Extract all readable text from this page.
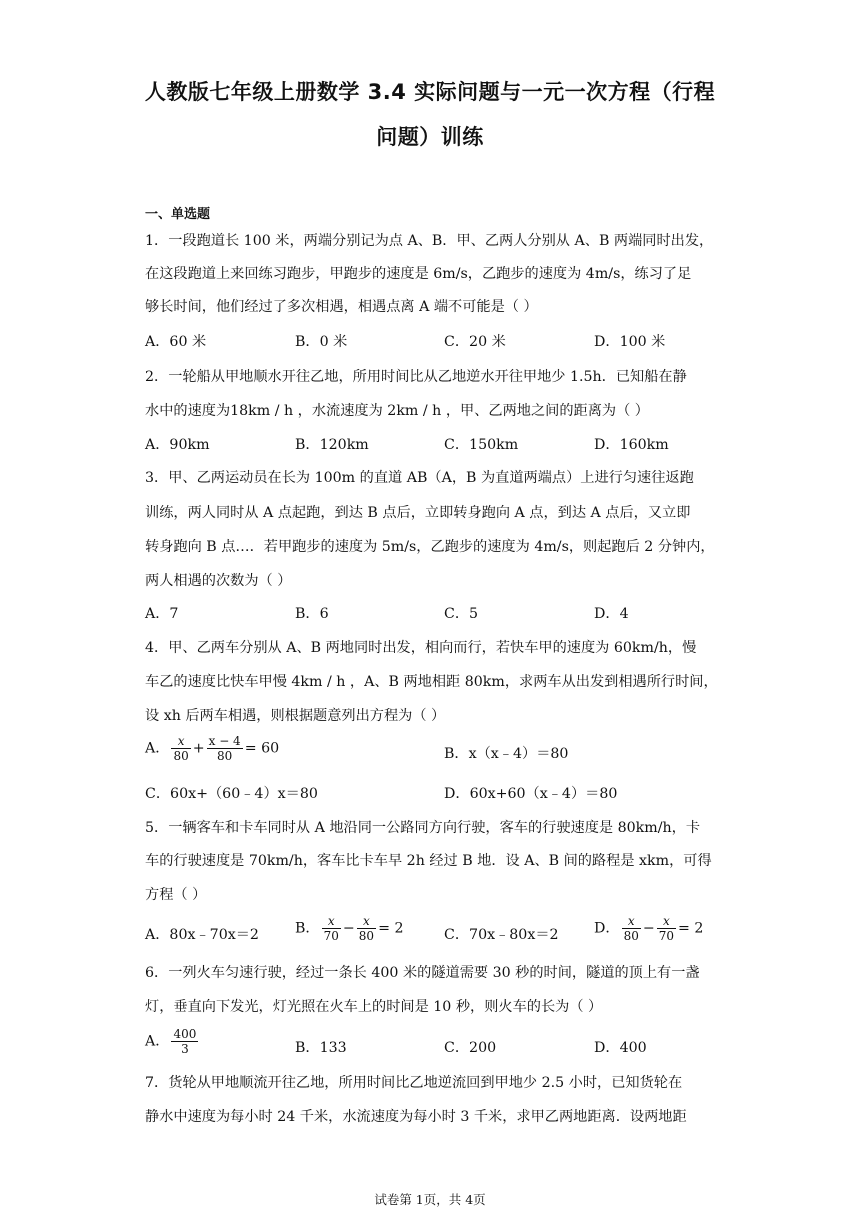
人教版七年级上册数学 3.4 实际问题与一元一次方程（行程
问题）训练
一、单选题
1．一段跑道长 100 米，两端分别记为点 A、B．甲、乙两人分别从 A、B 两端同时出发，
在这段跑道上来回练习跑步，甲跑步的速度是 6m/s，乙跑步的速度为 4m/s，练习了足
够长时间，他们经过了多次相遇，相遇点离 A 端不可能是（ ）
A．60 米	B．0 米	C．20 米	D．100 米
2．一轮船从甲地顺水开往乙地，所用时间比从乙地逆水开往甲地少 1.5h．已知船在静
水中的速度为18km / h ，水流速度为 2km / h ，甲、乙两地之间的距离为（ ）
A．90km	B．120km	C．150km	D．160km
3．甲、乙两运动员在长为 100m 的直道 AB（A，B 为直道两端点）上进行匀速往返跑
训练，两人同时从 A 点起跑，到达 B 点后，立即转身跑向 A 点，到达 A 点后，又立即
转身跑向 B 点…．若甲跑步的速度为 5m/s，乙跑步的速度为 4m/s，则起跑后 2 分钟内，
两人相遇的次数为（ ）
A．7	B．6	C．5	D．4
4．甲、乙两车分别从 A、B 两地同时出发，相向而行，若快车甲的速度为 60km/h，慢
车乙的速度比快车甲慢 4km / h ，A、B 两地相距 80km，求两车从出发到相遇所行时间，
设 xh 后两车相遇，则根据题意列出方程为（ ）
A． $\frac{x}{80} + \frac{x - 4}{80} = 60$	B．x（x﹣4）＝80
C．60x+（60﹣4）x＝80	D．60x+60（x﹣4）＝80
5．一辆客车和卡车同时从 A 地沿同一公路同方向行驶，客车的行驶速度是 80km/h，卡
车的行驶速度是 70km/h，客车比卡车早 2h 经过 B 地．设 A、B 间的路程是 xkm，可得
方程（ ）
A．80x﹣70x＝2	B． $\frac{x}{70} - \frac{x}{80} = 2$	C．70x﹣80x＝2 D． $\frac{x}{80} - \frac{x}{70} = 2$
6．一列火车匀速行驶，经过一条长 400 米的隧道需要 30 秒的时间，隧道的顶上有一盏
灯，垂直向下发光，灯光照在火车上的时间是 10 秒，则火车的长为（ ）
A． $\frac{400}{3}$	B．133	C．200	D．400
7．货轮从甲地顺流开往乙地，所用时间比乙地逆流回到甲地少 2.5 小时，已知货轮在
静水中速度为每小时 24 千米，水流速度为每小时 3 千米，求甲乙两地距离．设两地距
试卷第 1页，共 4页
